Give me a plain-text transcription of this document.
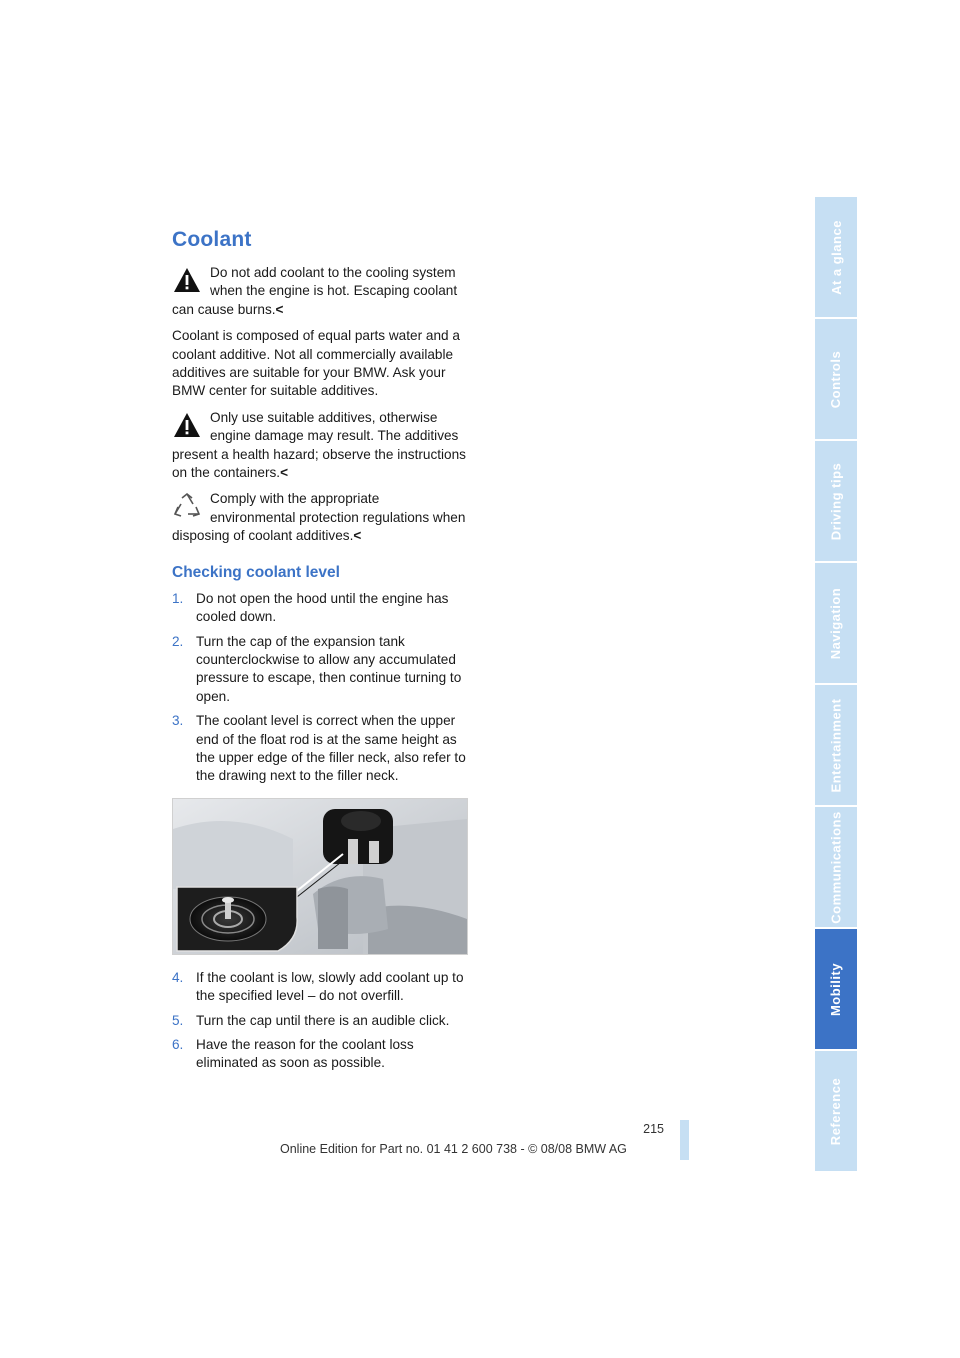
Coolant
Do not add coolant to the cooling system when the engine is hot. Escaping coolant can cause burns.<

Coolant is composed of equal parts water and a coolant additive. Not all commercially available additives are suitable for your BMW. Ask your BMW center for suitable additives.

Only use suitable additives, otherwise engine damage may result. The additives present a health hazard; observe the instructions on the containers.<
Comply with the appropriate environmental protection regulations when disposing of coolant additives.<
Checking coolant level
1. Do not open the hood until the engine has cooled down.
2. Turn the cap of the expansion tank counterclockwise to allow any accumulated pressure to escape, then continue turning to open.
3. The coolant level is correct when the upper end of the float rod is at the same height as the upper edge of the filler neck, also refer to the drawing next to the filler neck.
4. If the coolant is low, slowly add coolant up to the specified level – do not overfill.
5. Turn the cap until there is an audible click.
6. Have the reason for the coolant loss eliminated as soon as possible.
215
Online Edition for Part no. 01 41 2 600 738 - © 08/08 BMW AG
At a glance
Controls
Driving tips
Navigation
Entertainment
Communications
Mobility
Reference
